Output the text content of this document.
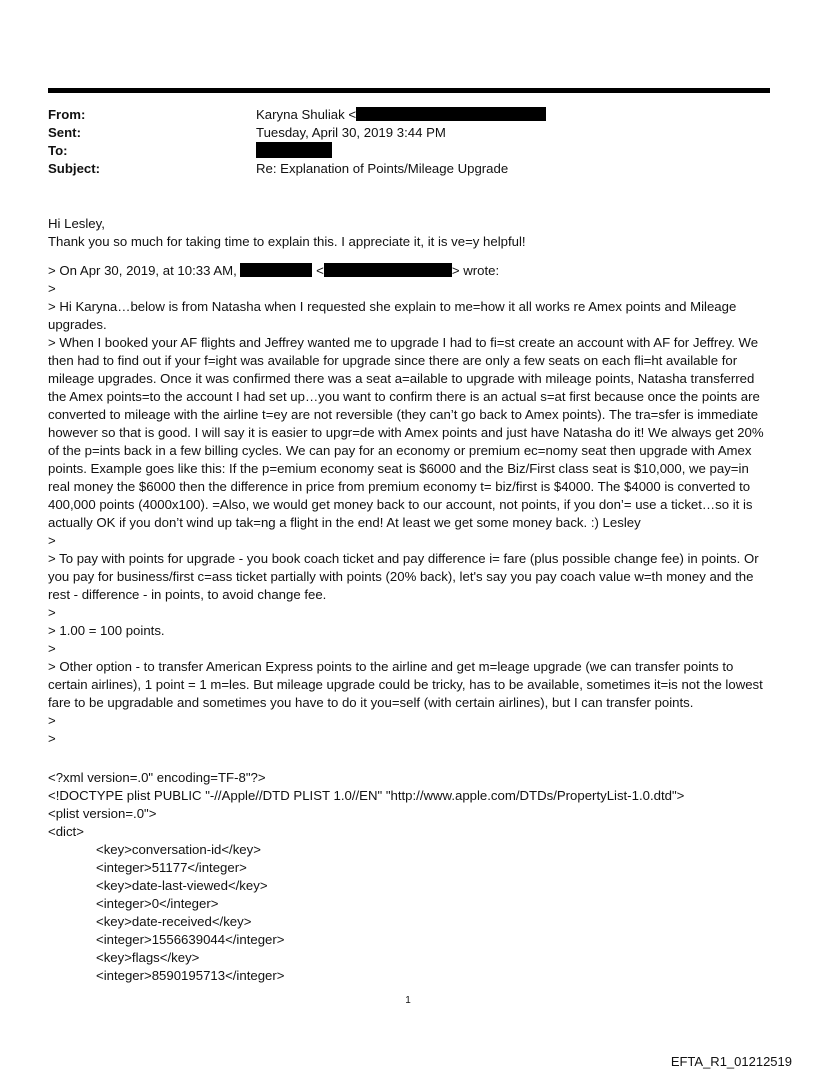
From:	Karyna Shuliak <
Sent:	Tuesday, April 30, 2019 3:44 PM
To:
Subject:	Re: Explanation of Points/Mileage Upgrade

Hi Lesley,

Thank you so much for taking time to explain this. I appreciate it, it is ve=y helpful!

> On Apr 30, 2019, at 10:33 AM,	<	> wrote:

>

> Hi Karyna…below is from Natasha when I requested she explain to me=how it all works re Amex points and Mileage upgrades.

> When I booked your AF flights and Jeffrey wanted me to upgrade I had to fi=st create an account with AF for Jeffrey. We then had to find out if your f=ight was available for upgrade since there are only a few seats on each fli=ht available for mileage upgrades. Once it was confirmed there was a seat a=ailable to upgrade with mileage points, Natasha transferred the Amex points=to the account I had set up…you want to confirm there is an actual s=at first because once the points are converted to mileage with the airline t=ey are not reversible (they can’t go back to Amex points). The tra=sfer is immediate however so that is good. I will say it is easier to upgr=de with Amex points and just have Natasha do it! We always get 20% of the p=ints back in a few billing cycles. We can pay for an economy or premium ec=nomy seat then upgrade with Amex points. Example goes like this: If the p=emium economy seat is $6000 and the Biz/First class seat is $10,000, we pay=in real money the $6000 then the difference in price from premium economy t= biz/first is $4000. The $4000 is converted to 400,000 points (4000x100). =Also, we would get money back to our account, not points, if you don’= use a ticket…so it is actually OK if you don’t wind up tak=ng a flight in the end! At least we get some money back. :) Lesley

>

> To pay with points for upgrade - you book coach ticket and pay difference i= fare (plus possible change fee) in points. Or you pay for business/first c=ass ticket partially with points (20% back), let's say you pay coach value w=th money and the rest - difference - in points, to avoid change fee.

>

> 1.00 = 100 points.

>

> Other option - to transfer American Express points to the airline and get m=leage upgrade (we can transfer points to certain airlines), 1 point = 1 m=les. But mileage upgrade could be tricky, has to be available, sometimes it=is not the lowest fare to be upgradable and sometimes you have to do it you=self (with certain airlines), but I can transfer points.

>

>

<?xml version=.0" encoding=TF-8"?>
<!DOCTYPE plist PUBLIC "-//Apple//DTD PLIST 1.0//EN" "http://www.apple.com/DTDs/PropertyList-1.0.dtd">
<plist version=.0">
<dict>
<key>conversation-id</key>
<integer>51177</integer>
<key>date-last-viewed</key>
<integer>0</integer>
<key>date-received</key>
<integer>1556639044</integer>
<key>flags</key>
<integer>8590195713</integer>
1
EFTA_R1_01212519
